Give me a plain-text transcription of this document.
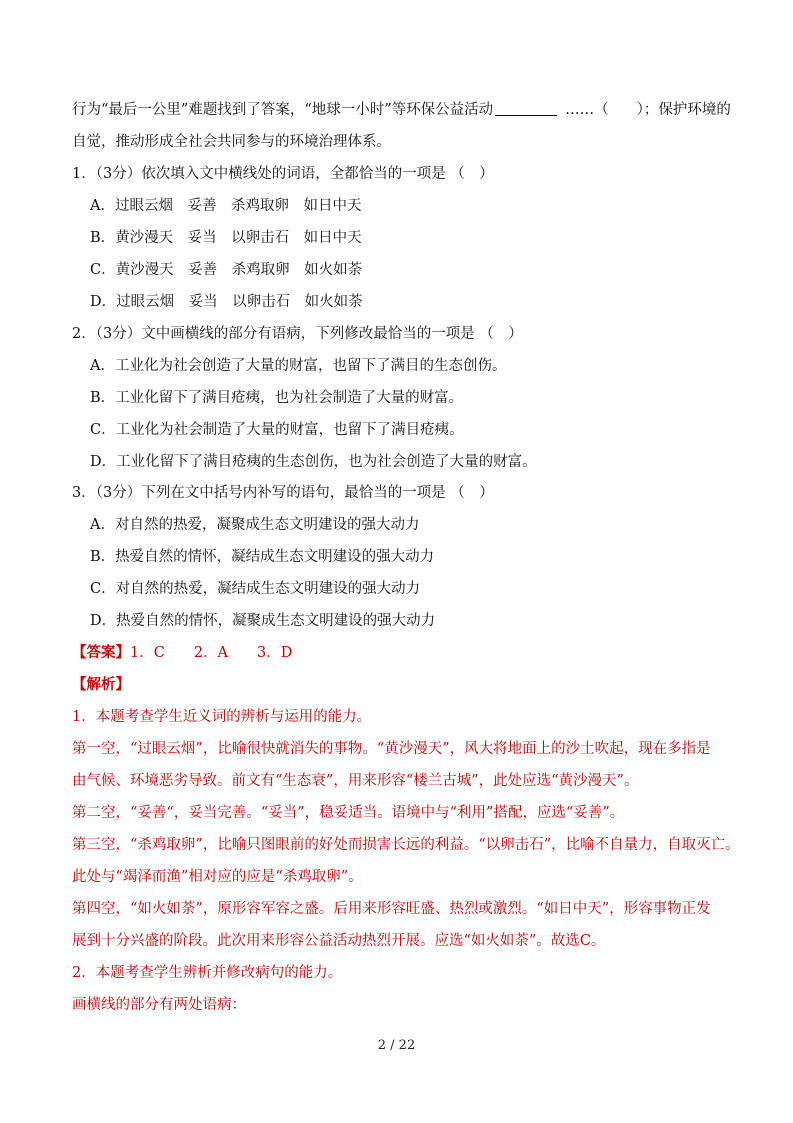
行为“最后一公里”难题找到了答案，“地球一小时”等环保公益活动	……（ ）；保护环境的
自觉，推动形成全社会共同参与的环境治理体系。
1．（3分）依次填入文中横线处的词语，全都恰当的一项是 （　）
A．过眼云烟　妥善　杀鸡取卵　如日中天
B．黄沙漫天　妥当　以卵击石　如日中天
C．黄沙漫天　妥善　杀鸡取卵　如火如荼
D．过眼云烟　妥当　以卵击石　如火如荼
2．（3分）文中画横线的部分有语病，下列修改最恰当的一项是 （　）
A．工业化为社会创造了大量的财富，也留下了满目的生态创伤。
B．工业化留下了满目疮痍，也为社会制造了大量的财富。
C．工业化为社会制造了大量的财富，也留下了满目疮痍。
D．工业化留下了满目疮痍的生态创伤，也为社会创造了大量的财富。
3．（3分）下列在文中括号内补写的语句，最恰当的一项是 （　）
A．对自然的热爱，凝聚成生态文明建设的强大动力
B．热爱自然的情怀，凝结成生态文明建设的强大动力
C．对自然的热爱，凝结成生态文明建设的强大动力
D．热爱自然的情怀，凝聚成生态文明建设的强大动力
【答案】1．C　　2．A　　3．D
【解析】
1．本题考查学生近义词的辨析与运用的能力。
第一空，“过眼云烟”，比喻很快就消失的事物。“黄沙漫天”，风大将地面上的沙土吹起，现在多指是
由气候、环境恶劣导致。前文有“生态衰”，用来形容“楼兰古城”，此处应选“黄沙漫天”。
第二空，“妥善“，妥当完善。“妥当”，稳妥适当。语境中与“利用”搭配，应选“妥善”。
第三空，“杀鸡取卵”，比喻只图眼前的好处而损害长远的利益。“以卵击石”，比喻不自量力，自取灭亡。
此处与“竭泽而渔”相对应的应是“杀鸡取卵”。
第四空，“如火如荼”，原形容军容之盛。后用来形容旺盛、热烈或激烈。“如日中天”，形容事物正发
展到十分兴盛的阶段。此次用来形容公益活动热烈开展。应选“如火如荼”。故选C。
2．本题考查学生辨析并修改病句的能力。
画横线的部分有两处语病：
2 / 22
